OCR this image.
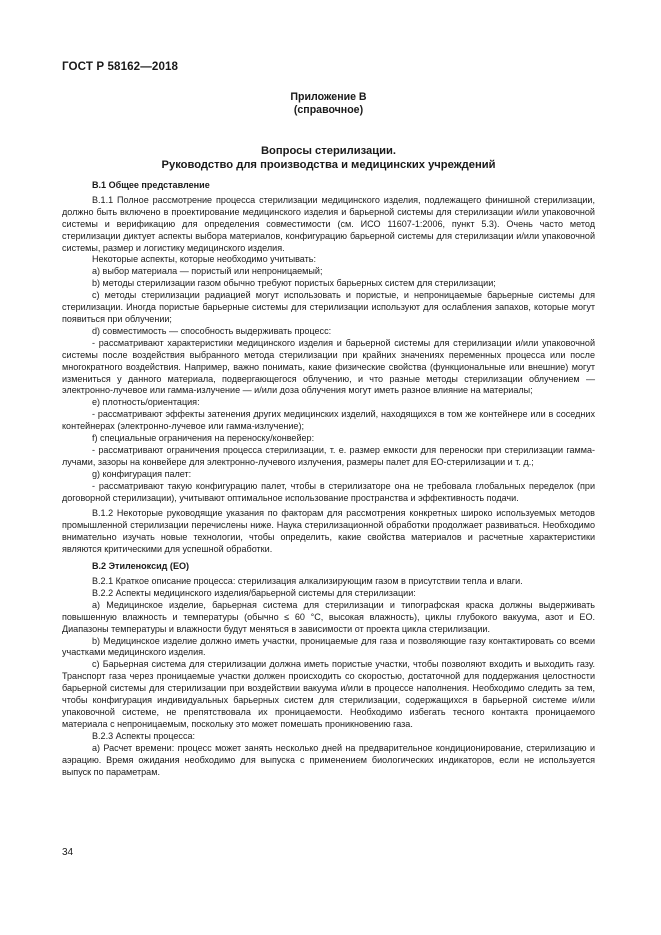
ГОСТ Р 58162—2018
Приложение В
(справочное)
Вопросы стерилизации.
Руководство для производства и медицинских учреждений

В.1 Общее представление

В.1.1 Полное рассмотрение процесса стерилизации медицинского изделия, подлежащего финишной стерилизации, должно быть включено в проектирование медицинского изделия и барьерной системы для стерилизации и/или упаковочной системы и верификацию для определения совместимости (см. ИСО 11607-1:2006, пункт 5.3). Очень часто метод стерилизации диктует аспекты выбора материалов, конфигурацию барьерной системы для стерилизации и/или упаковочной системы, размер и логистику медицинского изделия.

Некоторые аспекты, которые необходимо учитывать:

a) выбор материала — пористый или непроницаемый;

b) методы стерилизации газом обычно требуют пористых барьерных систем для стерилизации;

c) методы стерилизации радиацией могут использовать и пористые, и непроницаемые барьерные системы для стерилизации. Иногда пористые барьерные системы для стерилизации используют для ослабления запахов, которые могут появиться при облучении;

d) совместимость — способность выдерживать процесс:

- рассматривают характеристики медицинского изделия и барьерной системы для стерилизации и/или упаковочной системы после воздействия выбранного метода стерилизации при крайних значениях переменных процесса или после многократного воздействия. Например, важно понимать, какие физические свойства (функциональные или внешние) могут измениться у данного материала, подвергающегося облучению, и что разные методы стерилизации облучением — электронно-лучевое или гамма-излучение — и/или доза облучения могут иметь разное влияние на материалы;

e) плотность/ориентация:

- рассматривают эффекты затенения других медицинских изделий, находящихся в том же контейнере или в соседних контейнерах (электронно-лучевое или гамма-излучение);

f) специальные ограничения на переноску/конвейер:

- рассматривают ограничения процесса стерилизации, т. е. размер емкости для переноски при стерилизации гамма-лучами, зазоры на конвейере для электронно-лучевого излучения, размеры палет для ЕО-стерилизации и т. д.;

g) конфигурация палет:

- рассматривают такую конфигурацию палет, чтобы в стерилизаторе она не требовала глобальных переделок (при договорной стерилизации), учитывают оптимальное использование пространства и эффективность подачи.

В.1.2 Некоторые руководящие указания по факторам для рассмотрения конкретных широко используемых методов промышленной стерилизации перечислены ниже. Наука стерилизационной обработки продолжает развиваться. Необходимо внимательно изучать новые технологии, чтобы определить, какие свойства материалов и расчетные характеристики являются критическими для успешной обработки.

В.2 Этиленоксид (ЕО)

В.2.1 Краткое описание процесса: стерилизация алкализирующим газом в присутствии тепла и влаги.

В.2.2 Аспекты медицинского изделия/барьерной системы для стерилизации:

a) Медицинское изделие, барьерная система для стерилизации и типографская краска должны выдерживать повышенную влажность и температуры (обычно ≤ 60 °С, высокая влажность), циклы глубокого вакуума, азот и ЕО. Диапазоны температуры и влажности будут меняться в зависимости от проекта цикла стерилизации.

b) Медицинское изделие должно иметь участки, проницаемые для газа и позволяющие газу контактировать со всеми участками медицинского изделия.

c) Барьерная система для стерилизации должна иметь пористые участки, чтобы позволяют входить и выходить газу. Транспорт газа через проницаемые участки должен происходить со скоростью, достаточной для поддержания целостности барьерной системы для стерилизации при воздействии вакуума и/или в процессе наполнения. Необходимо следить за тем, чтобы конфигурация индивидуальных барьерных систем для стерилизации, содержащихся в барьерной системе и/или упаковочной системе, не препятствовала их проницаемости. Необходимо избегать тесного контакта проницаемого материала с непроницаемым, поскольку это может помешать проникновению газа.

В.2.3 Аспекты процесса:

a) Расчет времени: процесс может занять несколько дней на предварительное кондиционирование, стерилизацию и аэрацию. Время ожидания необходимо для выпуска с применением биологических индикаторов, если не используется выпуск по параметрам.

34
